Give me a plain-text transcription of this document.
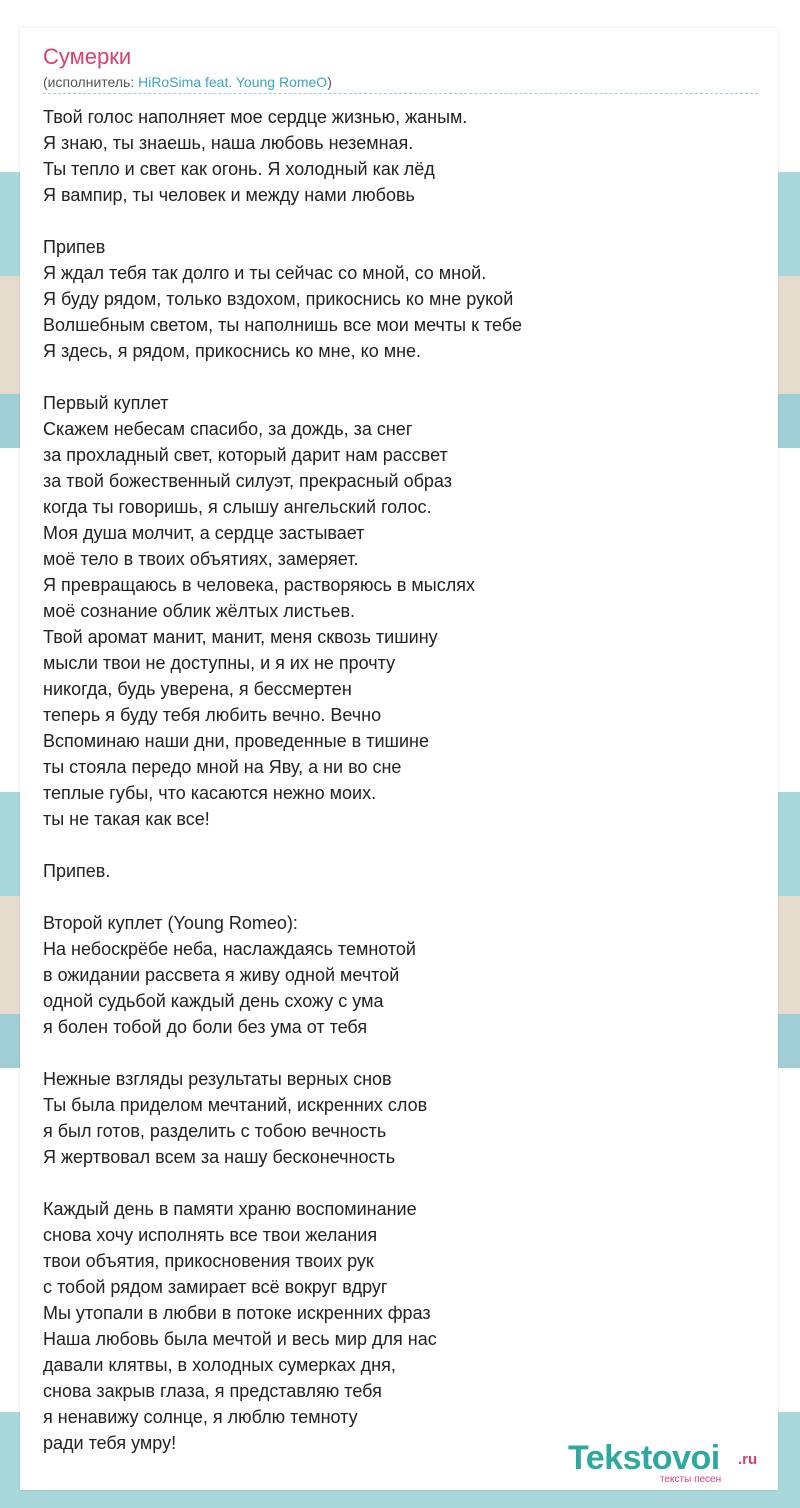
Сумерки
(исполнитель: HiRoSima feat. Young RomeO)
Твой голос наполняет мое сердце жизнью, жаным.
Я знаю, ты знаешь, наша любовь неземная.
Ты тепло и свет как огонь. Я холодный как лёд
Я вампир, ты человек и между нами любовь
Припев
Я ждал тебя так долго и ты сейчас со мной, со мной.
Я буду рядом, только вздохом, прикоснись ко мне рукой
Волшебным светом, ты наполнишь все мои мечты к тебе
Я здесь, я рядом, прикоснись ко мне, ко мне.
Первый куплет
Скажем небесам спасибо, за дождь, за снег
за прохладный свет, который дарит нам рассвет
за твой божественный силуэт, прекрасный образ
когда ты говоришь, я слышу ангельский голос.
Моя душа молчит, а сердце застывает
моё тело в твоих объятиях, замеряет.
Я превращаюсь в человека, растворяюсь в мыслях
моё сознание облик жёлтых листьев.
Твой аромат манит, манит, меня сквозь тишину
мысли твои не доступны, и я их не прочту
никогда, будь уверена, я бессмертен
теперь я буду тебя любить вечно. Вечно
Вспоминаю наши дни, проведенные в тишине
ты стояла передо мной на Яву, а ни во сне
теплые губы, что касаются нежно моих.
ты не такая как все!
Припев.
Второй куплет (Young Romeo):
На небоскрёбе неба, наслаждаясь темнотой
в ожидании рассвета я живу одной мечтой
одной судьбой каждый день схожу с ума
я болен тобой до боли без ума от тебя
Нежные взгляды результаты верных снов
Ты была приделом мечтаний, искренних слов
я был готов, разделить с тобою вечность
Я жертвовал всем за нашу бесконечность
Каждый день в памяти храню воспоминание
снова хочу исполнять все твои желания
твои объятия, прикосновения твоих рук
с тобой рядом замирает всё вокруг вдруг
Мы утопали в любви в потоке искренних фраз
Наша любовь была мечтой и весь мир для нас
давали клятвы, в холодных сумерках дня,
снова закрыв глаза, я представляю тебя
я ненавижу солнце, я люблю темноту
ради тебя умру!	Tekstovoi .ru
тексты песен
